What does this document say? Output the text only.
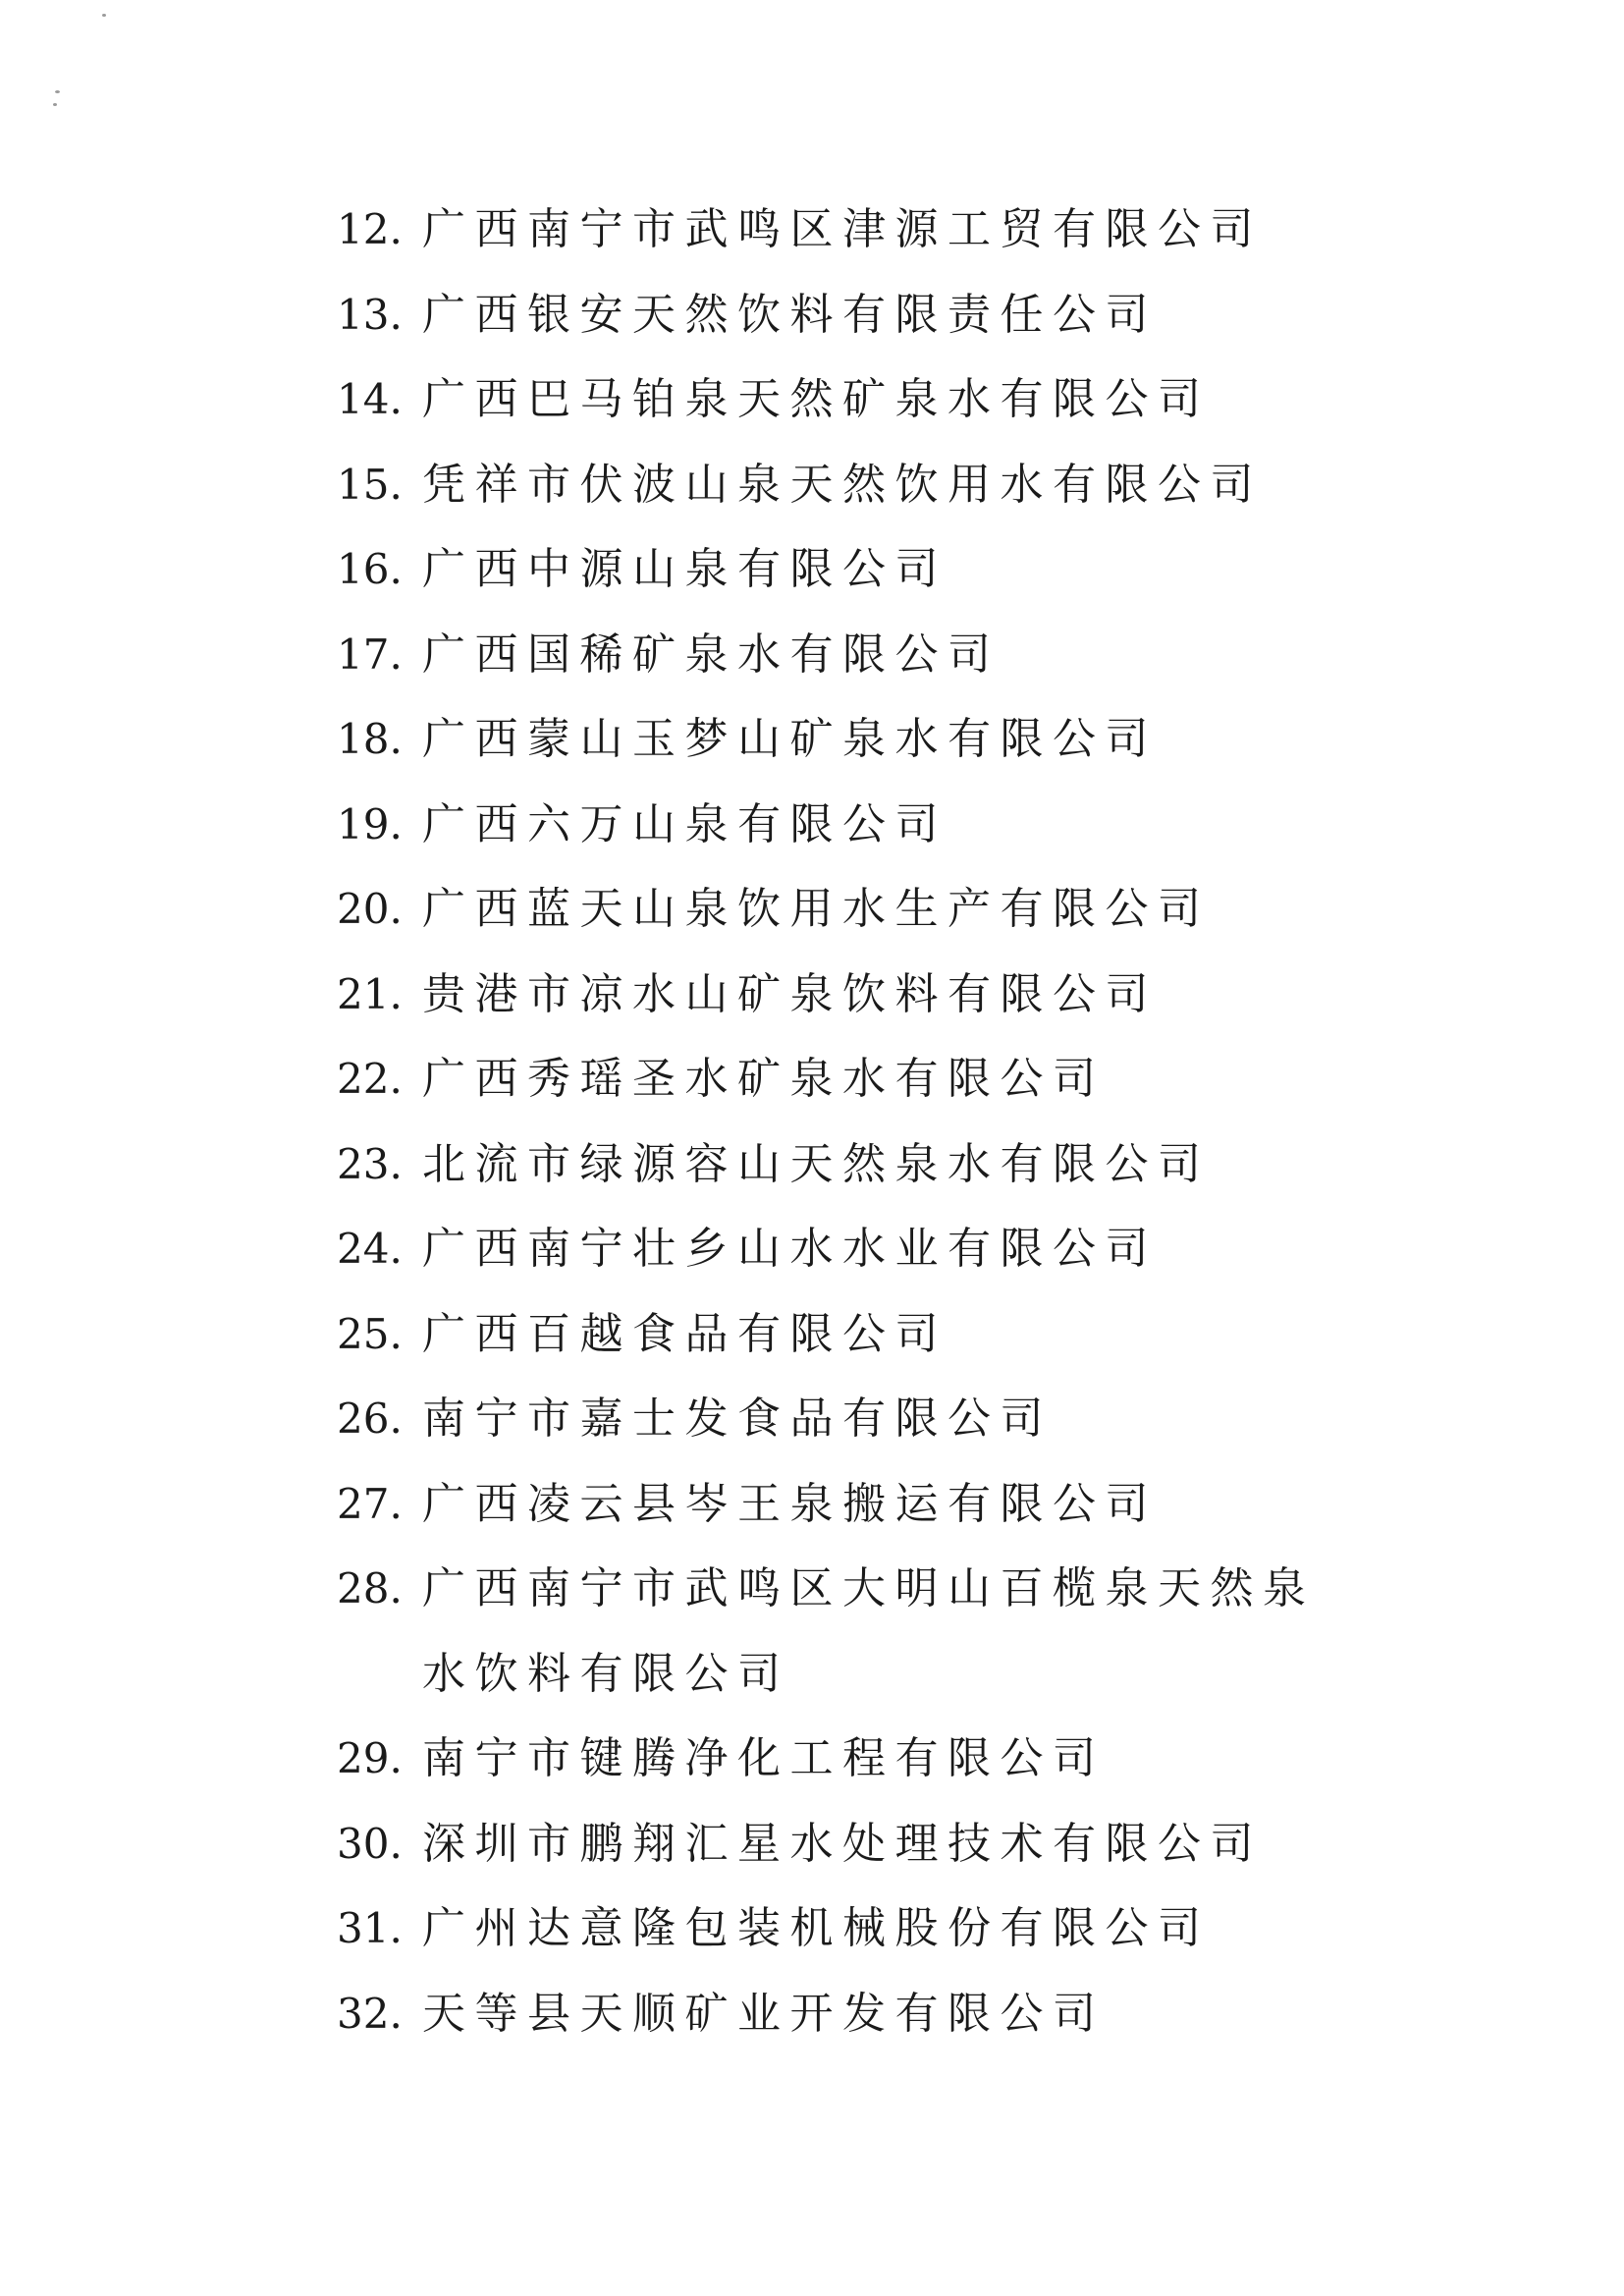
12. 广西南宁市武鸣区津源工贸有限公司
13. 广西银安天然饮料有限责任公司
14. 广西巴马铂泉天然矿泉水有限公司
15. 凭祥市伏波山泉天然饮用水有限公司
16. 广西中源山泉有限公司
17. 广西国稀矿泉水有限公司
18. 广西蒙山玉梦山矿泉水有限公司
19. 广西六万山泉有限公司
20. 广西蓝天山泉饮用水生产有限公司
21. 贵港市凉水山矿泉饮料有限公司
22. 广西秀瑶圣水矿泉水有限公司
23. 北流市绿源容山天然泉水有限公司
24. 广西南宁壮乡山水水业有限公司
25. 广西百越食品有限公司
26. 南宁市嘉士发食品有限公司
27. 广西凌云县岑王泉搬运有限公司
28. 广西南宁市武鸣区大明山百榄泉天然泉水饮料有限公司
29. 南宁市键腾净化工程有限公司
30. 深圳市鹏翔汇星水处理技术有限公司
31. 广州达意隆包装机械股份有限公司
32. 天等县天顺矿业开发有限公司
